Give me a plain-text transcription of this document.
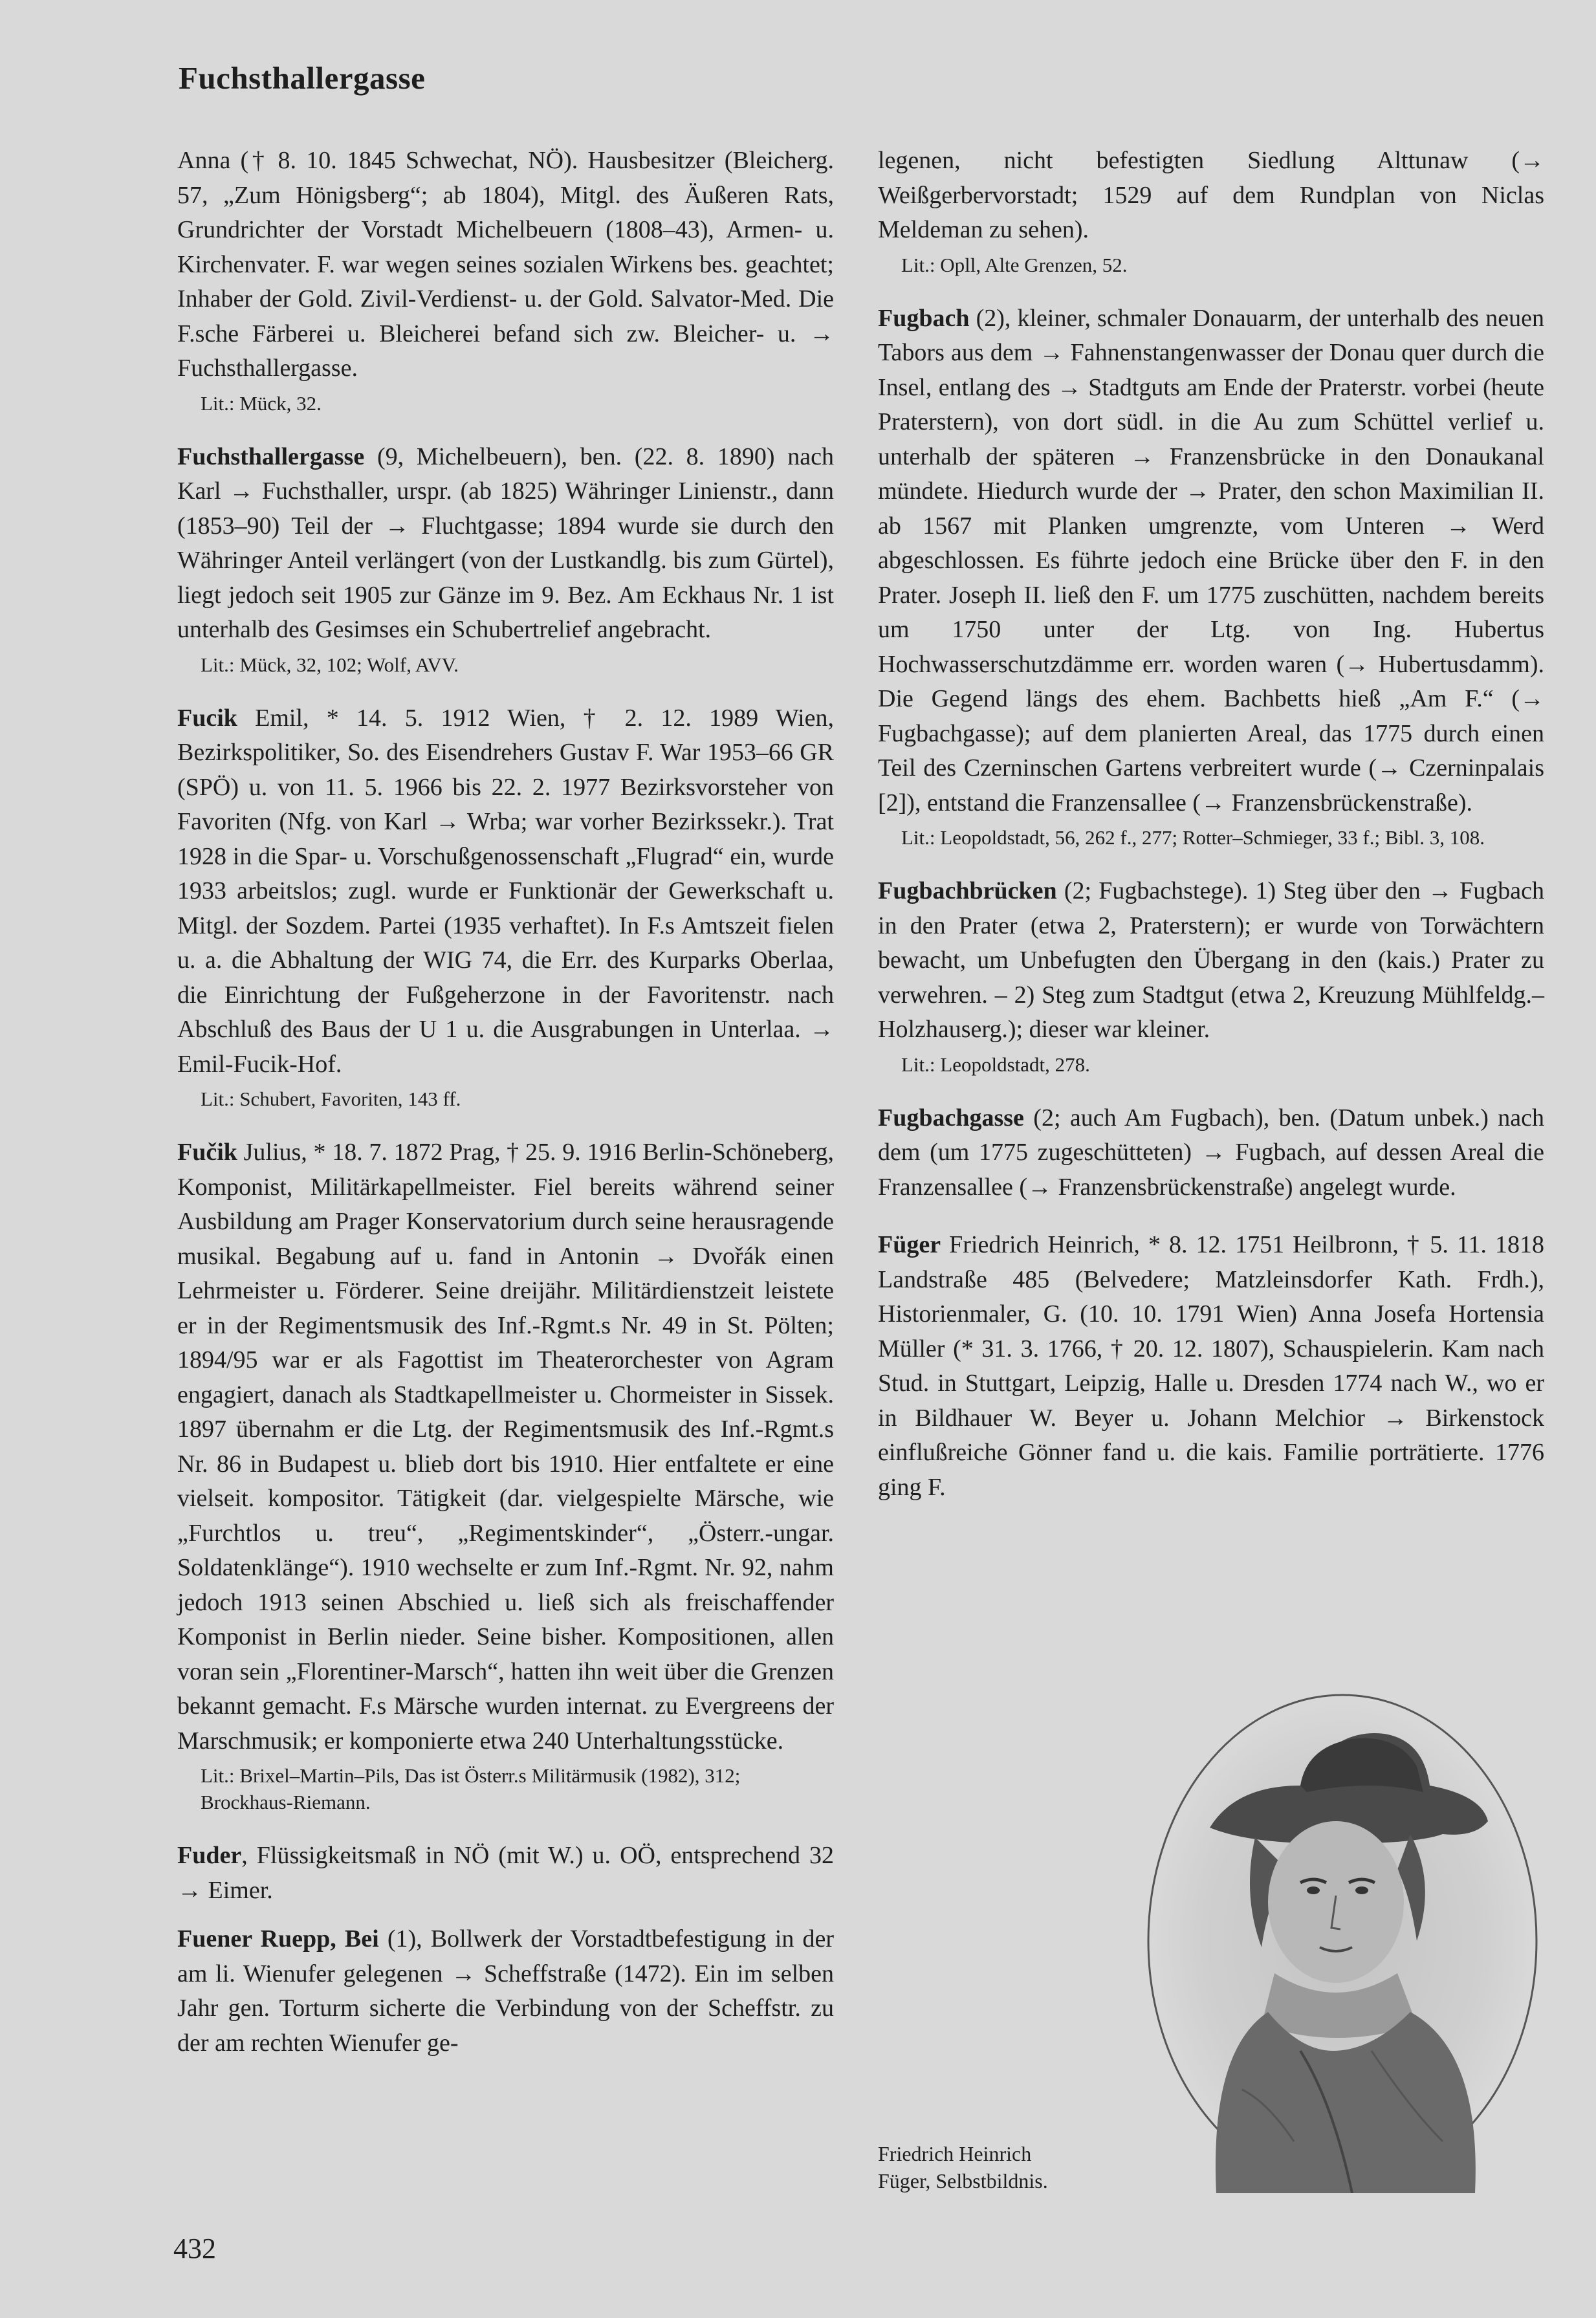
Fuchsthallergasse

Anna († 8. 10. 1845 Schwechat, NÖ). Hausbesitzer (Bleicherg. 57, „Zum Hönigsberg“; ab 1804), Mitgl. des Äußeren Rats, Grundrichter der Vorstadt Michelbeuern (1808–43), Armen- u. Kirchenvater. F. war wegen seines sozialen Wirkens bes. geachtet; Inhaber der Gold. Zivil-Verdienst- u. der Gold. Salvator-Med. Die F.sche Färberei u. Bleicherei befand sich zw. Bleicher- u. → Fuchsthallergasse.

Lit.: Mück, 32.

Fuchsthallergasse (9, Michelbeuern), ben. (22. 8. 1890) nach Karl → Fuchsthaller, urspr. (ab 1825) Währinger Linienstr., dann (1853–90) Teil der → Fluchtgasse; 1894 wurde sie durch den Währinger Anteil verlängert (von der Lustkandlg. bis zum Gürtel), liegt jedoch seit 1905 zur Gänze im 9. Bez. Am Eckhaus Nr. 1 ist unterhalb des Gesimses ein Schubertrelief angebracht.

Lit.: Mück, 32, 102; Wolf, AVV.

Fucik Emil, * 14. 5. 1912 Wien, † 2. 12. 1989 Wien, Bezirkspolitiker, So. des Eisendrehers Gustav F. War 1953–66 GR (SPÖ) u. von 11. 5. 1966 bis 22. 2. 1977 Bezirksvorsteher von Favoriten (Nfg. von Karl → Wrba; war vorher Bezirkssekr.). Trat 1928 in die Spar- u. Vorschußgenossenschaft „Flugrad“ ein, wurde 1933 arbeitslos; zugl. wurde er Funktionär der Gewerkschaft u. Mitgl. der Sozdem. Partei (1935 verhaftet). In F.s Amtszeit fielen u. a. die Abhaltung der WIG 74, die Err. des Kurparks Oberlaa, die Einrichtung der Fußgeherzone in der Favoritenstr. nach Abschluß des Baus der U 1 u. die Ausgrabungen in Unterlaa. → Emil-Fucik-Hof.

Lit.: Schubert, Favoriten, 143 ff.

Fučik Julius, * 18. 7. 1872 Prag, † 25. 9. 1916 Berlin-Schöneberg, Komponist, Militärkapellmeister. Fiel bereits während seiner Ausbildung am Prager Konservatorium durch seine herausragende musikal. Begabung auf u. fand in Antonin → Dvořák einen Lehrmeister u. Förderer. Seine dreijähr. Militärdienstzeit leistete er in der Regimentsmusik des Inf.-Rgmt.s Nr. 49 in St. Pölten; 1894/95 war er als Fagottist im Theaterorchester von Agram engagiert, danach als Stadtkapellmeister u. Chormeister in Sissek. 1897 übernahm er die Ltg. der Regimentsmusik des Inf.-Rgmt.s Nr. 86 in Budapest u. blieb dort bis 1910. Hier entfaltete er eine vielseit. kompositor. Tätigkeit (dar. vielgespielte Märsche, wie „Furchtlos u. treu“, „Regimentskinder“, „Österr.-ungar. Soldatenklänge“). 1910 wechselte er zum Inf.-Rgmt. Nr. 92, nahm jedoch 1913 seinen Abschied u. ließ sich als freischaffender Komponist in Berlin nieder. Seine bisher. Kompositionen, allen voran sein „Florentiner-Marsch“, hatten ihn weit über die Grenzen bekannt gemacht. F.s Märsche wurden internat. zu Evergreens der Marschmusik; er komponierte etwa 240 Unterhaltungsstücke.

Lit.: Brixel–Martin–Pils, Das ist Österr.s Militärmusik (1982), 312; Brockhaus-Riemann.

Fuder, Flüssigkeitsmaß in NÖ (mit W.) u. OÖ, entsprechend 32 → Eimer.

Fuener Ruepp, Bei (1), Bollwerk der Vorstadtbefestigung in der am li. Wienufer gelegenen → Scheffstraße (1472). Ein im selben Jahr gen. Torturm sicherte die Verbindung von der Scheffstr. zu der am rechten Wienufer ge-

legenen, nicht befestigten Siedlung Alttunaw (→ Weißgerbervorstadt; 1529 auf dem Rundplan von Niclas Meldeman zu sehen).

Lit.: Opll, Alte Grenzen, 52.

Fugbach (2), kleiner, schmaler Donauarm, der unterhalb des neuen Tabors aus dem → Fahnenstangenwasser der Donau quer durch die Insel, entlang des → Stadtguts am Ende der Praterstr. vorbei (heute Praterstern), von dort südl. in die Au zum Schüttel verlief u. unterhalb der späteren → Franzensbrücke in den Donaukanal mündete. Hiedurch wurde der → Prater, den schon Maximilian II. ab 1567 mit Planken umgrenzte, vom Unteren → Werd abgeschlossen. Es führte jedoch eine Brücke über den F. in den Prater. Joseph II. ließ den F. um 1775 zuschütten, nachdem bereits um 1750 unter der Ltg. von Ing. Hubertus Hochwasserschutzdämme err. worden waren (→ Hubertusdamm). Die Gegend längs des ehem. Bachbetts hieß „Am F.“ (→ Fugbachgasse); auf dem planierten Areal, das 1775 durch einen Teil des Czerninschen Gartens verbreitert wurde (→ Czerninpalais [2]), entstand die Franzensallee (→ Franzensbrückenstraße).

Lit.: Leopoldstadt, 56, 262 f., 277; Rotter–Schmieger, 33 f.; Bibl. 3, 108.

Fugbachbrücken (2; Fugbachstege). 1) Steg über den → Fugbach in den Prater (etwa 2, Praterstern); er wurde von Torwächtern bewacht, um Unbefugten den Übergang in den (kais.) Prater zu verwehren. – 2) Steg zum Stadtgut (etwa 2, Kreuzung Mühlfeldg.–Holzhauserg.); dieser war kleiner.

Lit.: Leopoldstadt, 278.

Fugbachgasse (2; auch Am Fugbach), ben. (Datum unbek.) nach dem (um 1775 zugeschütteten) → Fugbach, auf dessen Areal die Franzensallee (→ Franzensbrückenstraße) angelegt wurde.

Füger Friedrich Heinrich, * 8. 12. 1751 Heilbronn, † 5. 11. 1818 Landstraße 485 (Belvedere; Matzleinsdorfer Kath. Frdh.), Historienmaler, G. (10. 10. 1791 Wien) Anna Josefa Hortensia Müller (* 31. 3. 1766, † 20. 12. 1807), Schauspielerin. Kam nach Stud. in Stuttgart, Leipzig, Halle u. Dresden 1774 nach W., wo er in Bildhauer W. Beyer u. Johann Melchior → Birkenstock einflußreiche Gönner fand u. die kais. Familie porträtierte. 1776 ging F.

Friedrich Heinrich
Füger, Selbstbildnis.
432
